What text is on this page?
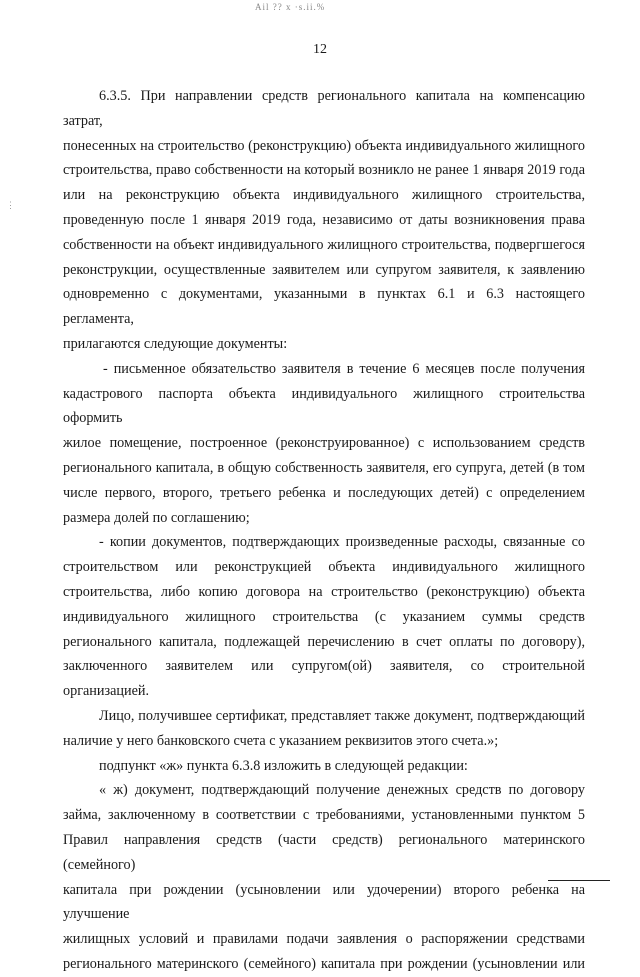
Ail ?? x ·s.ii.%
⋮
12

6.3.5. При направлении средств регионального капитала на компенсацию затрат,

понесенных на строительство (реконструкцию) объекта индивидуального жилищного

строительства, право собственности на который возникло не ранее 1 января 2019 года

или на реконструкцию объекта индивидуального жилищного строительства,

проведенную после 1 января 2019 года, независимо от даты возникновения права

собственности на объект индивидуального жилищного строительства, подвергшегося

реконструкции, осуществленные заявителем или супругом заявителя, к заявлению

одновременно с документами, указанными в пунктах 6.1 и 6.3 настоящего регламента,

прилагаются следующие документы:

- письменное обязательство заявителя в течение 6 месяцев после получения

кадастрового паспорта объекта индивидуального жилищного строительства оформить

жилое помещение, построенное (реконструированное) с использованием средств

регионального капитала, в общую собственность заявителя, его супруга, детей (в том

числе первого, второго, третьего ребенка и последующих детей) с определением

размера долей по соглашению;

- копии документов, подтверждающих произведенные расходы, связанные со

строительством или реконструкцией объекта индивидуального жилищного

строительства, либо копию договора на строительство (реконструкцию) объекта

индивидуального жилищного строительства (с указанием суммы средств

регионального капитала, подлежащей перечислению в счет оплаты по договору),

заключенного заявителем или супругом(ой) заявителя, со строительной организацией.

Лицо, получившее сертификат, представляет также документ, подтверждающий

наличие у него банковского счета с указанием реквизитов этого счета.»;

подпункт «ж» пункта 6.3.8 изложить в следующей редакции:

« ж) документ, подтверждающий получение денежных средств по договору

займа, заключенному в соответствии с требованиями, установленными пунктом 5

Правил направления средств (части средств) регионального материнского (семейного)

капитала при рождении (усыновлении или удочерении) второго ребенка на улучшение

жилищных условий и правилами подачи заявления о распоряжении средствами

регионального материнского (семейного) капитала при рождении (усыновлении или
